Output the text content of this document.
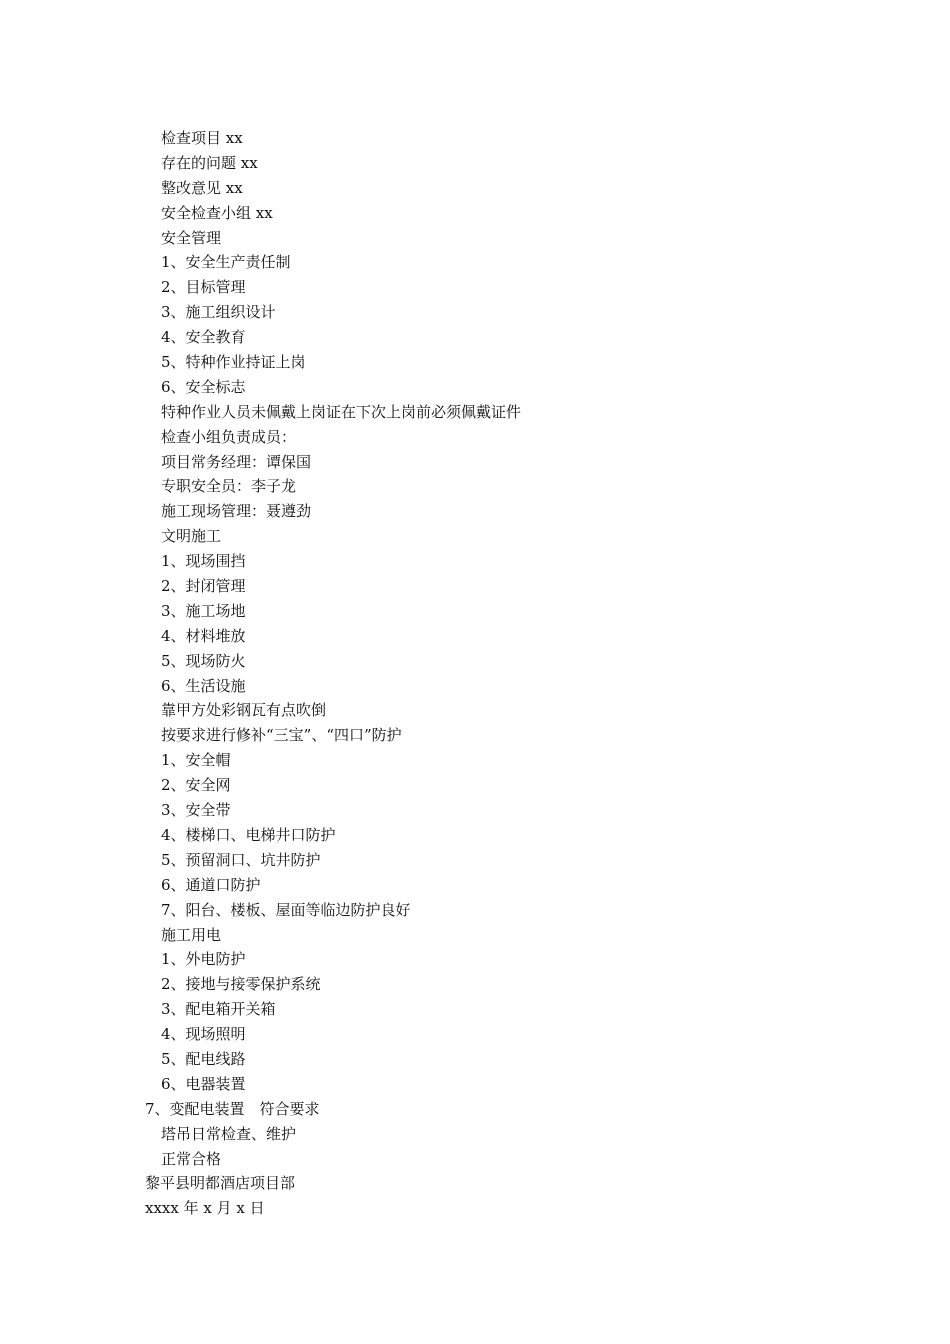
检查项目 xx
存在的问题 xx
整改意见 xx
安全检查小组 xx
安全管理
1、安全生产责任制
2、目标管理
3、施工组织设计
4、安全教育
5、特种作业持证上岗
6、安全标志
特种作业人员未佩戴上岗证在下次上岗前必须佩戴证件
检查小组负责成员：
项目常务经理：谭保国
专职安全员：李子龙
施工现场管理：聂遵劲
文明施工
1、现场围挡
2、封闭管理
3、施工场地
4、材料堆放
5、现场防火
6、生活设施
靠甲方处彩钢瓦有点吹倒
按要求进行修补“三宝”、“四口”防护
1、安全帽
2、安全网
3、安全带
4、楼梯口、电梯井口防护
5、预留洞口、坑井防护
6、通道口防护
7、阳台、楼板、屋面等临边防护良好
施工用电
1、外电防护
2、接地与接零保护系统
3、配电箱开关箱
4、现场照明
5、配电线路
6、电器装置
7、变配电装置　符合要求
塔吊日常检查、维护
正常合格
黎平县明都酒店项目部
xxxx 年 x 月 x 日
